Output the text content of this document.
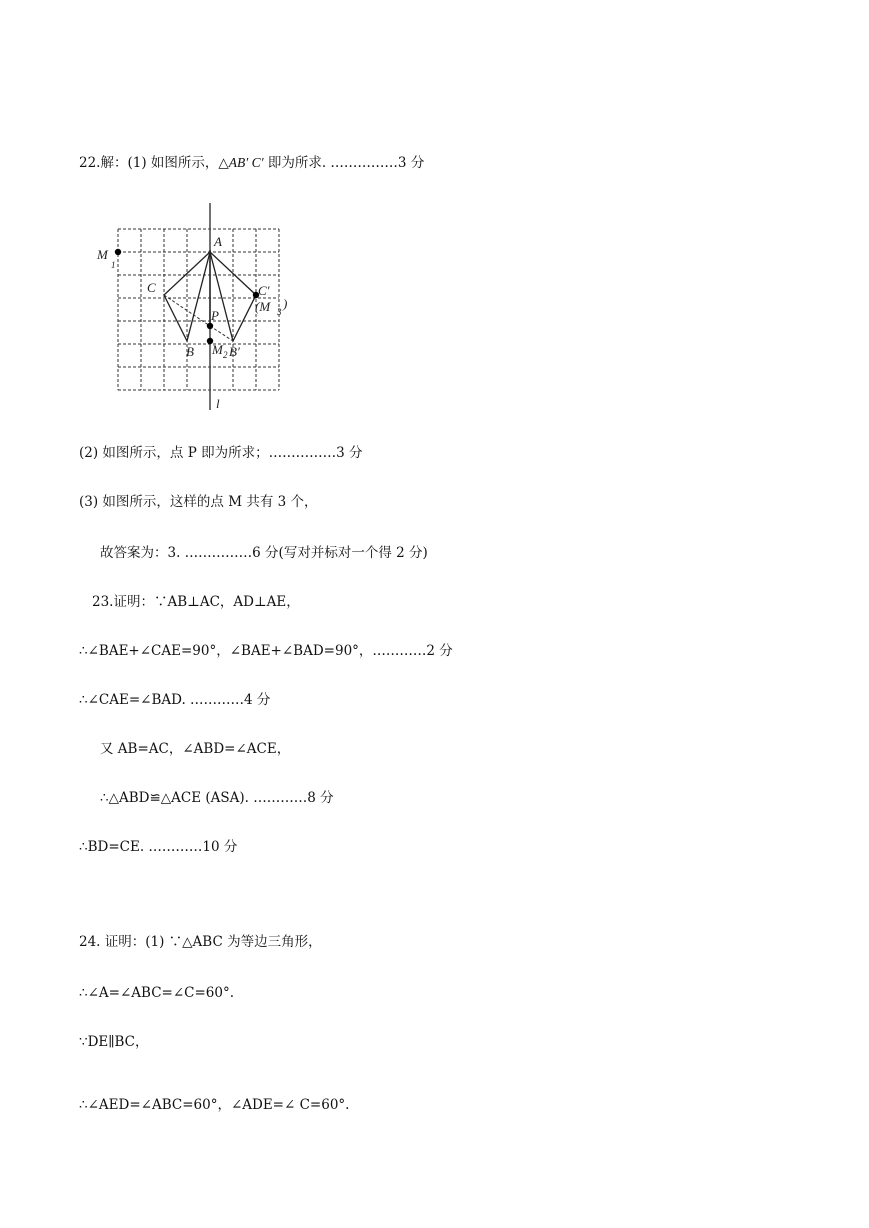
22.解：(1) 如图所示，△AB′ C′ 即为所求. ……………3 分
A
C	C′
(M 3
)
P
B M 2 B′
M
1
l
(2) 如图所示，点 P 即为所求；……………3 分
(3) 如图所示，这样的点 M 共有 3 个，
故答案为：3. ……………6 分(写对并标对一个得 2 分)
23.证明：∵AB⊥AC，AD⊥AE，
∴∠BAE+∠CAE=90°，∠BAE+∠BAD=90°，…………2 分
∴∠CAE=∠BAD. …………4 分
又 AB=AC，∠ABD=∠ACE，
∴△ABD≌△ACE (ASA). …………8 分
∴BD=CE. …………10 分
24. 证明：(1) ∵△ABC 为等边三角形，
∴∠A=∠ABC=∠C=60°.
∵DE∥BC，
∴∠AED=∠ABC=60°，∠ADE=∠ C=60°.
